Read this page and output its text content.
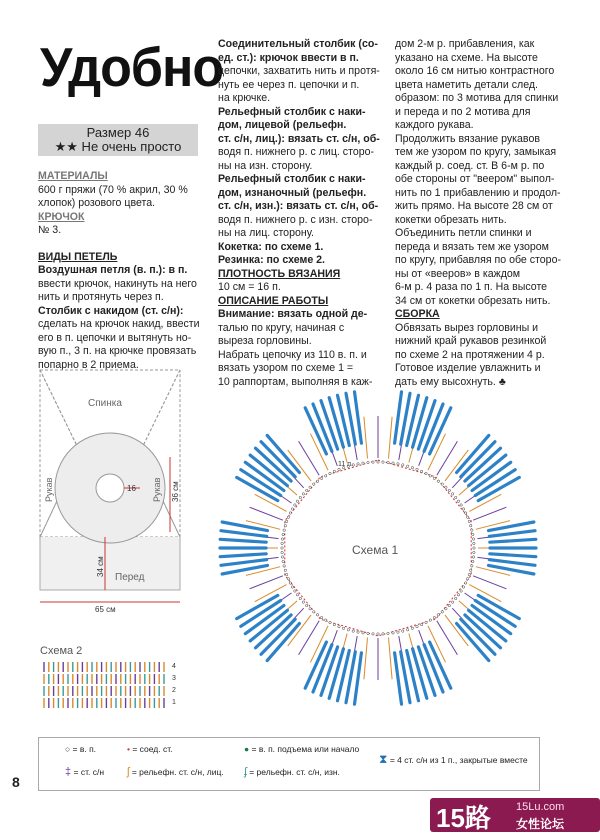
Удобно
Размер 46
★★ Не очень просто

МАТЕРИАЛЫ

600 г пряжи (70 % акрил, 30 %

хлопок) розового цвета.

КРЮЧОК

№ 3.

ВИДЫ ПЕТЕЛЬ

Воздушная петля (в. п.): в п.

ввести крючок, накинуть на него

нить и протянуть через п.

Столбик с накидом (ст. с/н):

сделать на крючок накид, ввести

его в п. цепочки и вытянуть но-

вую п., 3 п. на крючке провязать

попарно в 2 приема.

Соединительный столбик (со-

ед. ст.): крючок ввести в п.

цепочки, захватить нить и протя-

нуть ее через п. цепочки и п.

на крючке.

Рельефный столбик с наки-

дом, лицевой (рельефн.

ст. с/н, лиц.): вязать ст. с/н, об-

водя п. нижнего р. с лиц. сторо-

ны на изн. сторону.

Рельефный столбик с наки-

дом, изнаночный (рельефн.

ст. с/н, изн.): вязать ст. с/н, об-

водя п. нижнего р. с изн. сторо-

ны на лиц. сторону.

Кокетка: по схеме 1.

Резинка: по схеме 2.

ПЛОТНОСТЬ ВЯЗАНИЯ

10 см = 16 п.

ОПИСАНИЕ РАБОТЫ

Внимание: вязать одной де-

талью по кругу, начиная с

выреза горловины.

Набрать цепочку из 110 в. п. и

вязать узором по схеме 1 =

10 раппортам, выполняя в каж-

дом 2-м р. прибавления, как

указано на схеме. На высоте

около 16 см нитью контрастного

цвета наметить детали след.

образом: по 3 мотива для спинки

и переда и по 2 мотива для

каждого рукава.

Продолжить вязание рукавов

тем же узором по кругу, замыкая

каждый р. соед. ст. В 6-м р. по

обе стороны от "веером" выпол-

нить по 1 прибавлению и продол-

жить прямо. На высоте 28 см от

кокетки обрезать нить.

Объединить петли спинки и

переда и вязать тем же узором

по кругу, прибавляя по обе сторо-

ны от «веерoв» в каждом

6-м р. 4 раза по 1 п. На высоте

34 см от кокетки обрезать нить.

СБОРКА

Обвязать вырез горловины и

нижний край рукавов резинкой

по схеме 2 на протяжении 4 р.

Готовое изделие увлажнить и

дать ему высохнуть. ♣

Спинка
Перед
Рукав	Рукав
16	36 см
34 см
65 см
Схема 2
4
3
2
1
Схема 1
11 п.
○ = в. п.	• = соед. ст.	● = в. п. подъема или начало
⧗ = 4 ст. с/н из 1 п., закрытые вместе
‡ = ст. с/н ʃ = рельефн. ст. с/н, лиц. ʄ = рельефн. ст. с/н, изн.
8
15路 15Lu.com
女性论坛
